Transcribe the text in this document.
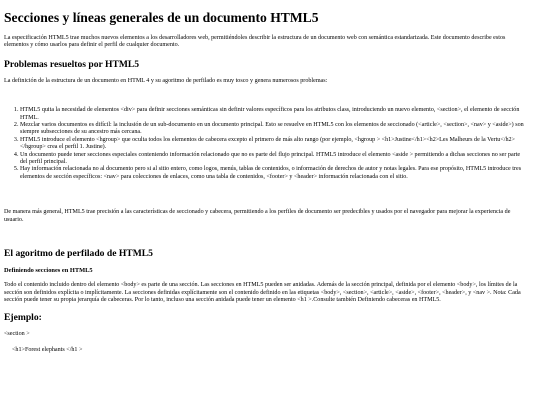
Secciones y líneas generales de un documento HTML5

La especificación HTML5 trae muchos nuevos elementos a los desarrolladores web, permitiéndoles describir la estructura de un documento web con semántica estandarizada. Este documento describe estos elementos y cómo usarlos para definir el perfil de cualquier documento.

Problemas resueltos por HTML5

La definición de la estructura de un documento en HTML 4 y su agoritmo de perfilado es muy tosco y genera numerosos problemas:

1. HTML5 quita la necesidad de elementos <div> para definir secciones semánticas sin definir valores específicos para los atributos class, introduciendo un nuevo elemento, <section>, el elemento de sección HTML.
2. Mezclar varios documentos es difícil: la inclusión de un sub-documento en un documento principal. Esto se resuelve en HTML5 con los elementos de seccionado (<article>, <section>, <nav> y <aside>) son siempre subsecciones de su ancestro más cercana.
3. HTML5 introduce el elemento <hgroup> que oculta todos los elementos de cabecera excepto el primero de más alto rango (por ejemplo, <hgroup > <h1>Justine</h1><h2>Les Malheurs de la Vertu</h2></hgroup> crea el perfil 1. Justine).
4. Un documento puede tener secciones especiales conteniendo información relacionado que no es parte del flujo principal. HTML5 introduce el elemento <aside > permitiendo a dichas secciones no ser parte del perfil principal.
5. Hay información relacionada no al documento pero si al sitio entero, como logos, menús, tablas de contenidos, o información de derechos de autor y notas legales. Para ese propósito, HTML5 introduce tres elementos de sección específicos: <nav> para colecciones de enlaces, como una tabla de contenidos, <footer> y <header> información relacionada con el sitio.

De manera más general, HTML5 trae precisión a las características de seccionado y cabecera, permitiendo a los perfiles de documento ser predecibles y usados por el navegador para mejorar la experiencia de usuario.

El agoritmo de perfilado de HTML5
Definiendo secciones en HTML5

Todo el contenido incluido dentro del elemento <body> es parte de una sección. Las secciones en HTML5 pueden ser anidadas. Además de la sección principal, definida por el elemento <body>, los límites de la sección son definidos explícita o implícitamente. La secciones definidas explícitamente son el contenido definido en las etiquetas <body>, <section>, <article>, <aside>, <footer>, <header>, y <nav >. Nota: Cada sección puede tener su propia jerarquía de cabeceras. Por lo tanto, incluso una sección anidada puede tener un elemento <h1 >.Consulte también Definiendo cabeceras en HTML5.

Ejemplo:

<section >

<h1>Forest elephants </h1 >
